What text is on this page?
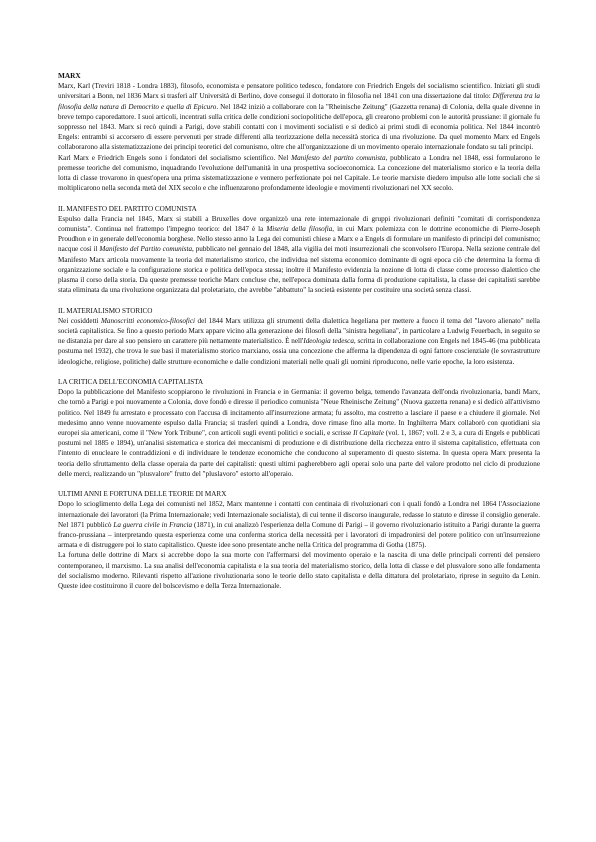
MARX

Marx, Karl (Treviri 1818 - Londra 1883), filosofo, economista e pensatore politico tedesco, fondatore con Friedrich Engels del socialismo scientifico. Iniziati gli studi universitari a Bonn, nel 1836 Marx si trasferì all' Università di Berlino, dove conseguì il dottorato in filosofia nel 1841 con una dissertazione dal titolo: Differenza tra la filosofia della natura di Democrito e quella di Epicuro. Nel 1842 iniziò a collaborare con la "Rheinische Zeitung" (Gazzetta renana) di Colonia, della quale divenne in breve tempo caporedattore. I suoi articoli, incentrati sulla critica delle condizioni sociopolitiche dell'epoca, gli crearono problemi con le autorità prussiane: il giornale fu soppresso nel 1843. Marx si recò quindi a Parigi, dove stabilì contatti con i movimenti socialisti e si dedicò ai primi studi di economia politica. Nel 1844 incontrò Engels: entrambi si accorsero di essere pervenuti per strade differenti alla teorizzazione della necessità storica di una rivoluzione. Da quel momento Marx ed Engels collaborarono alla sistematizzazione dei principi teoretici del comunismo, oltre che all'organizzazione di un movimento operaio internazionale fondato su tali principi.

Karl Marx e Friedrich Engels sono i fondatori del socialismo scientifico. Nel Manifesto del partito comunista, pubblicato a Londra nel 1848, essi formularono le premesse teoriche del comunismo, inquadrando l'evoluzione dell'umanità in una prospettiva socioeconomica. La concezione del materialismo storico e la teoria della lotta di classe trovarono in quest'opera una prima sistematizzazione e vennero perfezionate poi nel Capitale. Le teorie marxiste diedero impulso alle lotte sociali che si moltiplicarono nella seconda metà del XIX secolo e che influenzarono profondamente ideologie e movimenti rivoluzionari nel XX secolo.

IL MANIFESTO DEL PARTITO COMUNISTA

Espulso dalla Francia nel 1845, Marx si stabilì a Bruxelles dove organizzò una rete internazionale di gruppi rivoluzionari definiti "comitati di corrispondenza comunista". Continua nel frattempo l'impegno teorico: del 1847 è la Miseria della filosofia, in cui Marx polemizza con le dottrine economiche di Pierre-Joseph Proudhon e in generale dell'economia borghese. Nello stesso anno la Lega dei comunisti chiese a Marx e a Engels di formulare un manifesto di principi del comunismo; nacque così il Manifesto del Partito comunista, pubblicato nel gennaio del 1848, alla vigilia dei moti insurrezionali che sconvolsero l'Europa. Nella sezione centrale del Manifesto Marx articola nuovamente la teoria del materialismo storico, che individua nel sistema economico dominante di ogni epoca ciò che determina la forma di organizzazione sociale e la configurazione storica e politica dell'epoca stessa; inoltre il Manifesto evidenzia la nozione di lotta di classe come processo dialettico che plasma il corso della storia. Da queste premesse teoriche Marx concluse che, nell'epoca dominata dalla forma di produzione capitalista, la classe dei capitalisti sarebbe stata eliminata da una rivoluzione organizzata dal proletariato, che avrebbe "abbattuto" la società esistente per costituire una società senza classi.

IL MATERIALISMO STORICO

Nei cosiddetti Manoscritti economico-filosofici del 1844 Marx utilizza gli strumenti della dialettica hegeliana per mettere a fuoco il tema del "lavoro alienato" nella società capitalistica. Se fino a questo periodo Marx appare vicino alla generazione dei filosofi della "sinistra hegeliana", in particolare a Ludwig Feuerbach, in seguito se ne distanzia per dare al suo pensiero un carattere più nettamente materialistico. È nell'Ideologia tedesca, scritta in collaborazione con Engels nel 1845-46 (ma pubblicata postuma nel 1932), che trova le sue basi il materialismo storico marxiano, ossia una concezione che afferma la dipendenza di ogni fattore coscienziale (le sovrastrutture ideologiche, religiose, politiche) dalle strutture economiche e dalle condizioni materiali nelle quali gli uomini riproducono, nelle varie epoche, la loro esistenza.

LA CRITICA DELL'ECONOMIA CAPITALISTA

Dopo la pubblicazione del Manifesto scoppiarono le rivoluzioni in Francia e in Germania: il governo belga, temendo l'avanzata dell'onda rivoluzionaria, bandì Marx, che tornò a Parigi e poi nuovamente a Colonia, dove fondò e diresse il periodico comunista "Neue Rheinische Zeitung" (Nuova gazzetta renana) e si dedicò all'attivismo politico. Nel 1849 fu arrestato e processato con l'accusa di incitamento all'insurrezione armata; fu assolto, ma costretto a lasciare il paese e a chiudere il giornale. Nel medesimo anno venne nuovamente espulso dalla Francia; si trasferì quindi a Londra, dove rimase fino alla morte. In Inghilterra Marx collaborò con quotidiani sia europei sia americani, come il "New York Tribune", con articoli sugli eventi politici e sociali, e scrisse Il Capitale (vol. 1, 1867; voll. 2 e 3, a cura di Engels e pubblicati postumi nel 1885 e 1894), un'analisi sistematica e storica dei meccanismi di produzione e di distribuzione della ricchezza entro il sistema capitalistico, effettuata con l'intento di enucleare le contraddizioni e di individuare le tendenze economiche che conducono al superamento di questo sistema. In questa opera Marx presenta la teoria dello sfruttamento della classe operaia da parte dei capitalisti: questi ultimi pagherebbero agli operai solo una parte del valore prodotto nel ciclo di produzione delle merci, realizzando un "plusvalore" frutto del "pluslavoro" estorto all'operaio.

ULTIMI ANNI E FORTUNA DELLE TEORIE DI MARX

Dopo lo scioglimento della Lega dei comunisti nel 1852, Marx mantenne i contatti con centinaia di rivoluzionari con i quali fondò a Londra nel 1864 l'Associazione internazionale dei lavoratori (la Prima Internazionale; vedi Internazionale socialista), di cui tenne il discorso inaugurale, redasse lo statuto e diresse il consiglio generale. Nel 1871 pubblicò La guerra civile in Francia (1871), in cui analizzò l'esperienza della Comune di Parigi – il governo rivoluzionario istituito a Parigi durante la guerra franco-prussiana – interpretando questa esperienza come una conferma storica della necessità per i lavoratori di impadronirsi del potere politico con un'insurrezione armata e di distruggere poi lo stato capitalistico. Queste idee sono presentate anche nella Critica del programma di Gotha (1875).

La fortuna delle dottrine di Marx si accrebbe dopo la sua morte con l'affermarsi del movimento operaio e la nascita di una delle principali correnti del pensiero contemporaneo, il marxismo. La sua analisi dell'economia capitalista e la sua teoria del materialismo storico, della lotta di classe e del plusvalore sono alle fondamenta del socialismo moderno. Rilevanti rispetto all'azione rivoluzionaria sono le teorie dello stato capitalista e della dittatura del proletariato, riprese in seguito da Lenin. Queste idee costituirono il cuore del bolscevismo e della Terza Internazionale.
